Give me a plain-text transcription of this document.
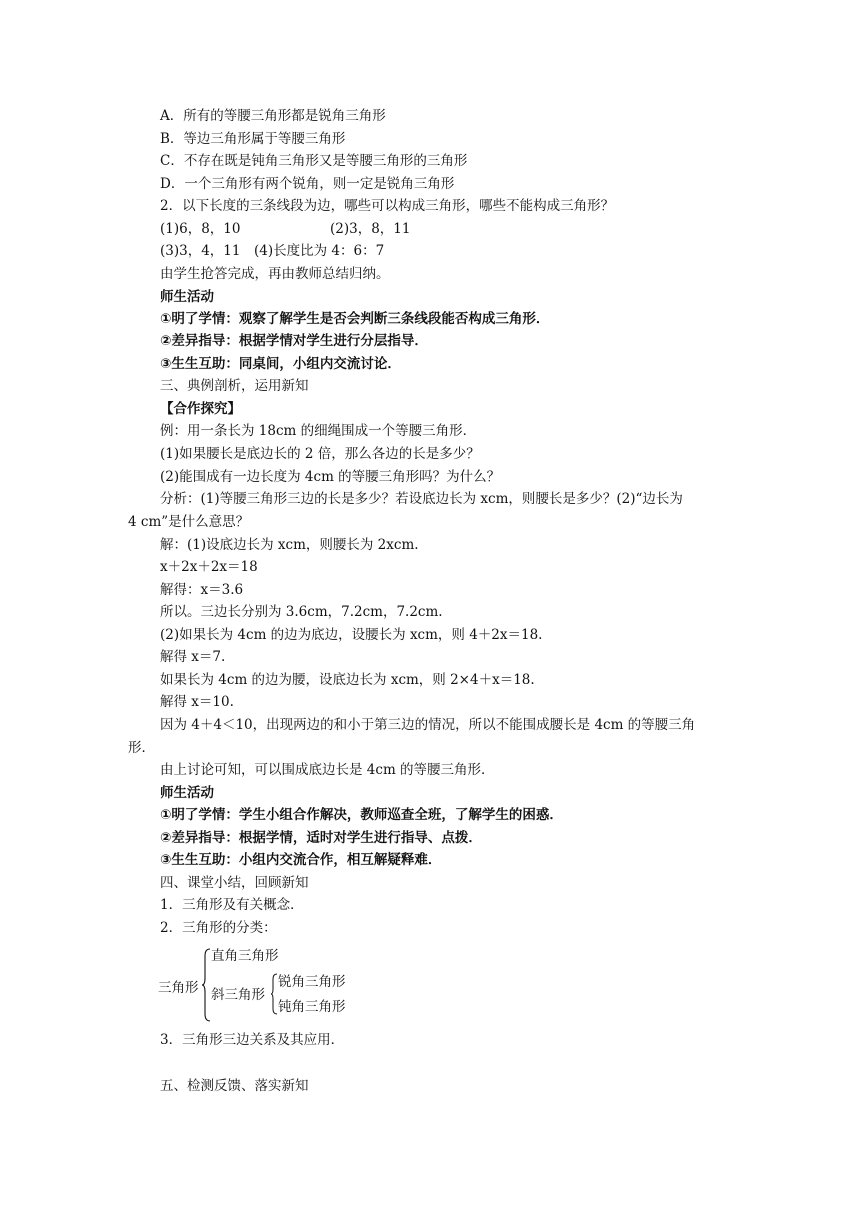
A．所有的等腰三角形都是锐角三角形
B．等边三角形属于等腰三角形
C．不存在既是钝角三角形又是等腰三角形的三角形
D．一个三角形有两个锐角，则一定是锐角三角形
2．以下长度的三条线段为边，哪些可以构成三角形，哪些不能构成三角形？
(1)6，8，10	(2)3，8，11
(3)3，4，11　(4)长度比为 4：6：7
由学生抢答完成，再由教师总结归纳。
师生活动
①明了学情：观察了解学生是否会判断三条线段能否构成三角形．
②差异指导：根据学情对学生进行分层指导．
③生生互助：同桌间，小组内交流讨论．
三、典例剖析，运用新知
【合作探究】
例：用一条长为 18cm 的细绳围成一个等腰三角形．
(1)如果腰长是底边长的 2 倍，那么各边的长是多少？
(2)能围成有一边长度为 4cm 的等腰三角形吗？为什么？
分析：(1)等腰三角形三边的长是多少？若设底边长为 xcm，则腰长是多少？(2)“边长为
4 cm”是什么意思？
解：(1)设底边长为 xcm，则腰长为 2xcm.
x＋2x＋2x＝18
解得：x＝3.6
所以。三边长分别为 3.6cm，7.2cm，7.2cm.
(2)如果长为 4cm 的边为底边，设腰长为 xcm，则 4＋2x＝18.
解得 x＝7.
如果长为 4cm 的边为腰，设底边长为 xcm，则 2×4＋x＝18.
解得 x＝10.
因为 4＋4＜10，出现两边的和小于第三边的情况，所以不能围成腰长是 4cm 的等腰三角
形．
由上讨论可知，可以围成底边长是 4cm 的等腰三角形．
师生活动
①明了学情：学生小组合作解决，教师巡查全班，了解学生的困惑．
②差异指导：根据学情，适时对学生进行指导、点拨．
③生生互助：小组内交流合作，相互解疑释难．
四、课堂小结，回顾新知
1．三角形及有关概念．
2．三角形的分类：
三角形
直角三角形
斜三角形
锐角三角形
钝角三角形
3．三角形三边关系及其应用．
五、检测反馈、落实新知
